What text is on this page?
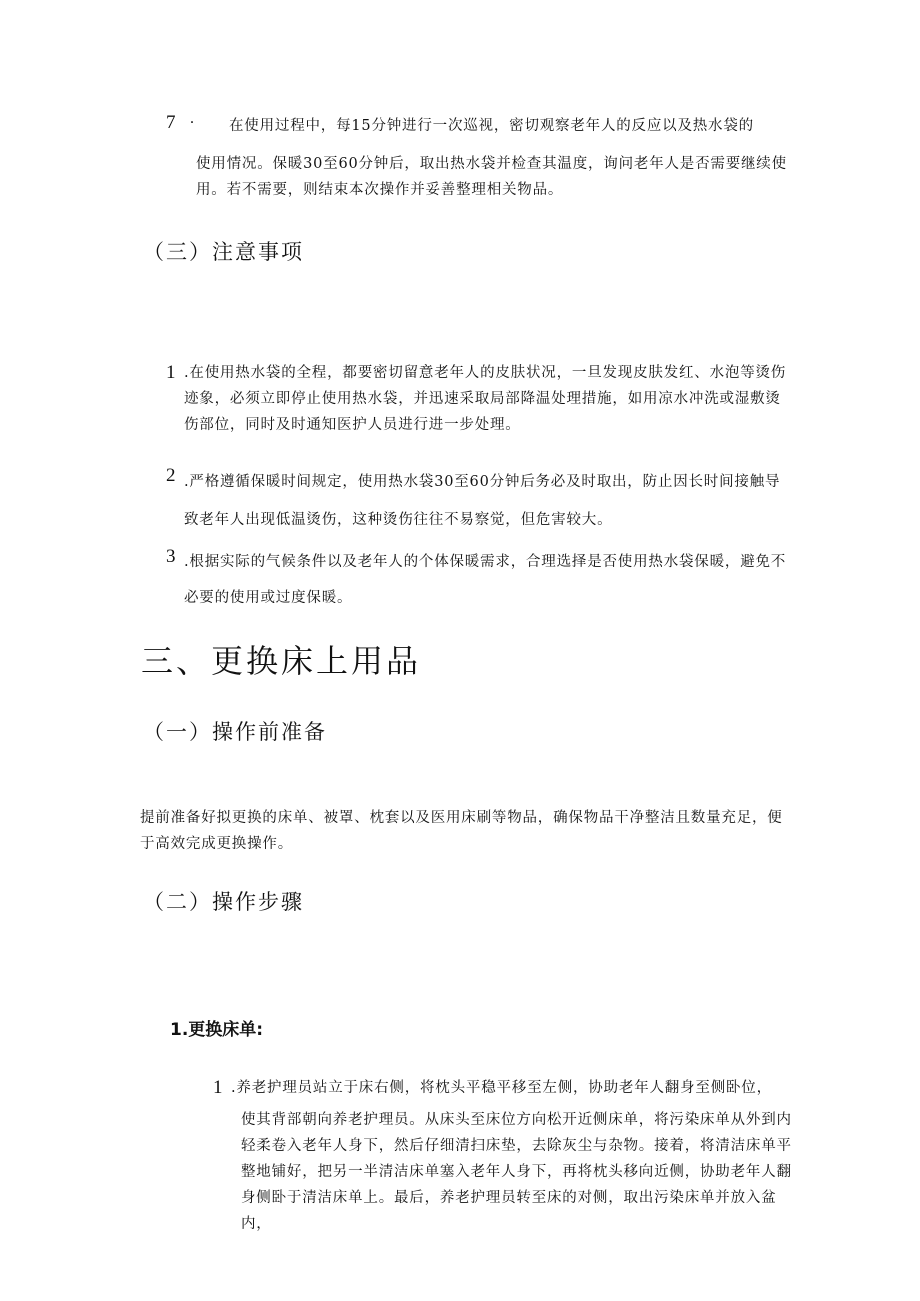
7 . 在使用过程中，每15分钟进行一次巡视，密切观察老年人的反应以及热水袋的
使用情况。保暖30至60分钟后，取出热水袋并检查其温度，询问老年人是否需要继续使用。若不需要，则结束本次操作并妥善整理相关物品。
（三）注意事项
1 .在使用热水袋的全程，都要密切留意老年人的皮肤状况，一旦发现皮肤发红、水泡等烫伤迹象，必须立即停止使用热水袋，并迅速采取局部降温处理措施，如用凉水冲洗或湿敷烫伤部位，同时及时通知医护人员进行进一步处理。
2 .严格遵循保暖时间规定，使用热水袋30至60分钟后务必及时取出，防止因长时间接触导致老年人出现低温烫伤，这种烫伤往往不易察觉，但危害较大。
3 .根据实际的气候条件以及老年人的个体保暖需求，合理选择是否使用热水袋保暖，避免不必要的使用或过度保暖。
三、更换床上用品
（一）操作前准备
提前准备好拟更换的床单、被罩、枕套以及医用床刷等物品，确保物品干净整洁且数量充足，便于高效完成更换操作。
（二）操作步骤
1.更换床单:
1 .养老护理员站立于床右侧，将枕头平稳平移至左侧，协助老年人翻身至侧卧位，
使其背部朝向养老护理员。从床头至床位方向松开近侧床单，将污染床单从外到内轻柔卷入老年人身下，然后仔细清扫床垫，去除灰尘与杂物。接着，将清洁床单平整地铺好，把另一半清洁床单塞入老年人身下，再将枕头移向近侧，协助老年人翻身侧卧于清洁床单上。最后，养老护理员转至床的对侧，取出污染床单并放入盆内，
